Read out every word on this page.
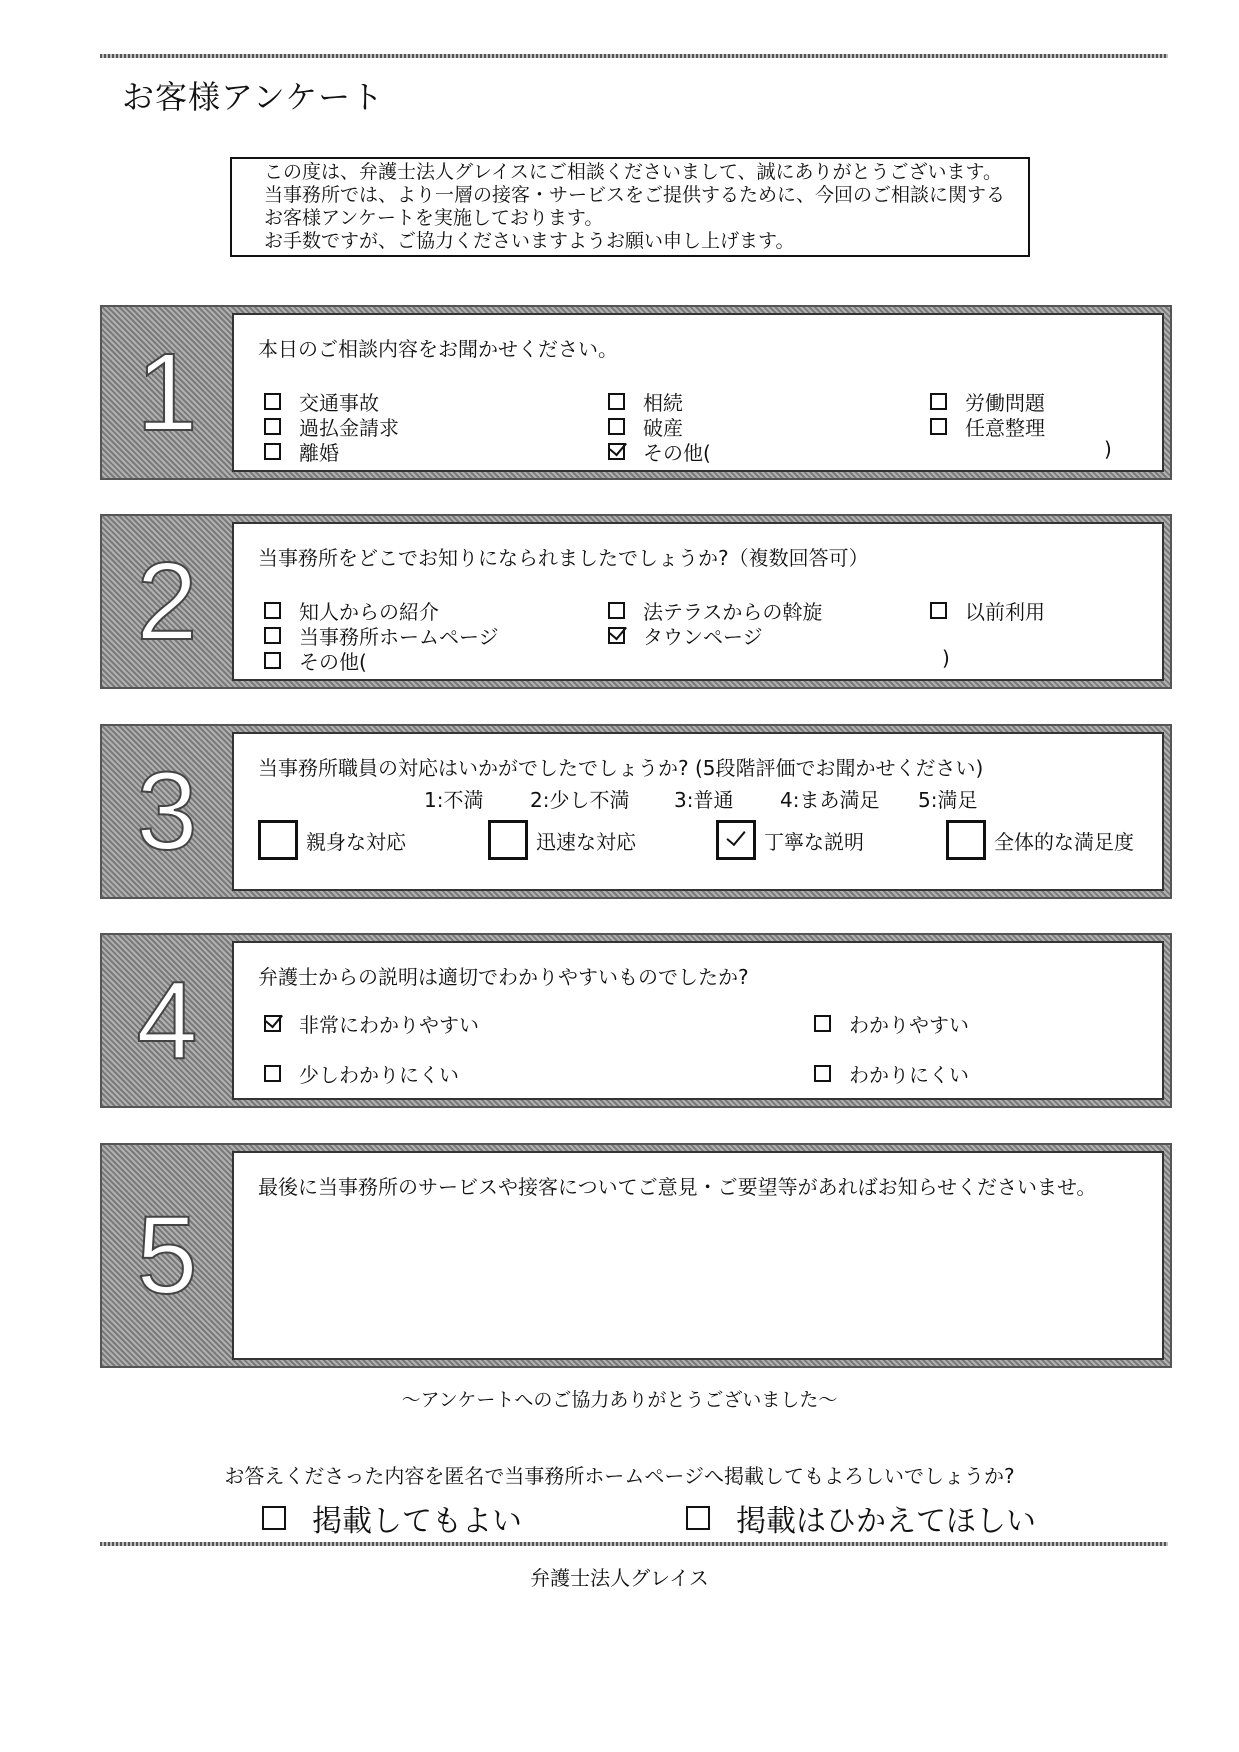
お客様アンケート
この度は、弁護士法人グレイスにご相談くださいまして、誠にありがとうございます。
当事務所では、より一層の接客・サービスをご提供するために、今回のご相談に関する
お客様アンケートを実施しております。
お手数ですが、ご協力くださいますようお願い申し上げます。
1	本日のご相談内容をお聞かせください。
交通事故	相続	労働問題
過払金請求	破産	任意整理
離婚	その他(	)
2	当事務所をどこでお知りになられましたでしょうか?（複数回答可）
知人からの紹介	法テラスからの斡旋	以前利用
当事務所ホームページ	タウンページ
その他(	)
3	当事務所職員の対応はいかがでしたでしょうか? (5段階評価でお聞かせください)
1:不満 2:少し不満 3:普通 4:まあ満足 5:満足
親身な対応	迅速な対応	丁寧な説明	全体的な満足度
4	弁護士からの説明は適切でわかりやすいものでしたか?
非常にわかりやすい	わかりやすい
少しわかりにくい	わかりにくい
5
最後に当事務所のサービスや接客についてご意見・ご要望等があればお知らせくださいませ。
～アンケートへのご協力ありがとうございました～
お答えくださった内容を匿名で当事務所ホームページへ掲載してもよろしいでしょうか?
掲載してもよい	掲載はひかえてほしい
弁護士法人グレイス
